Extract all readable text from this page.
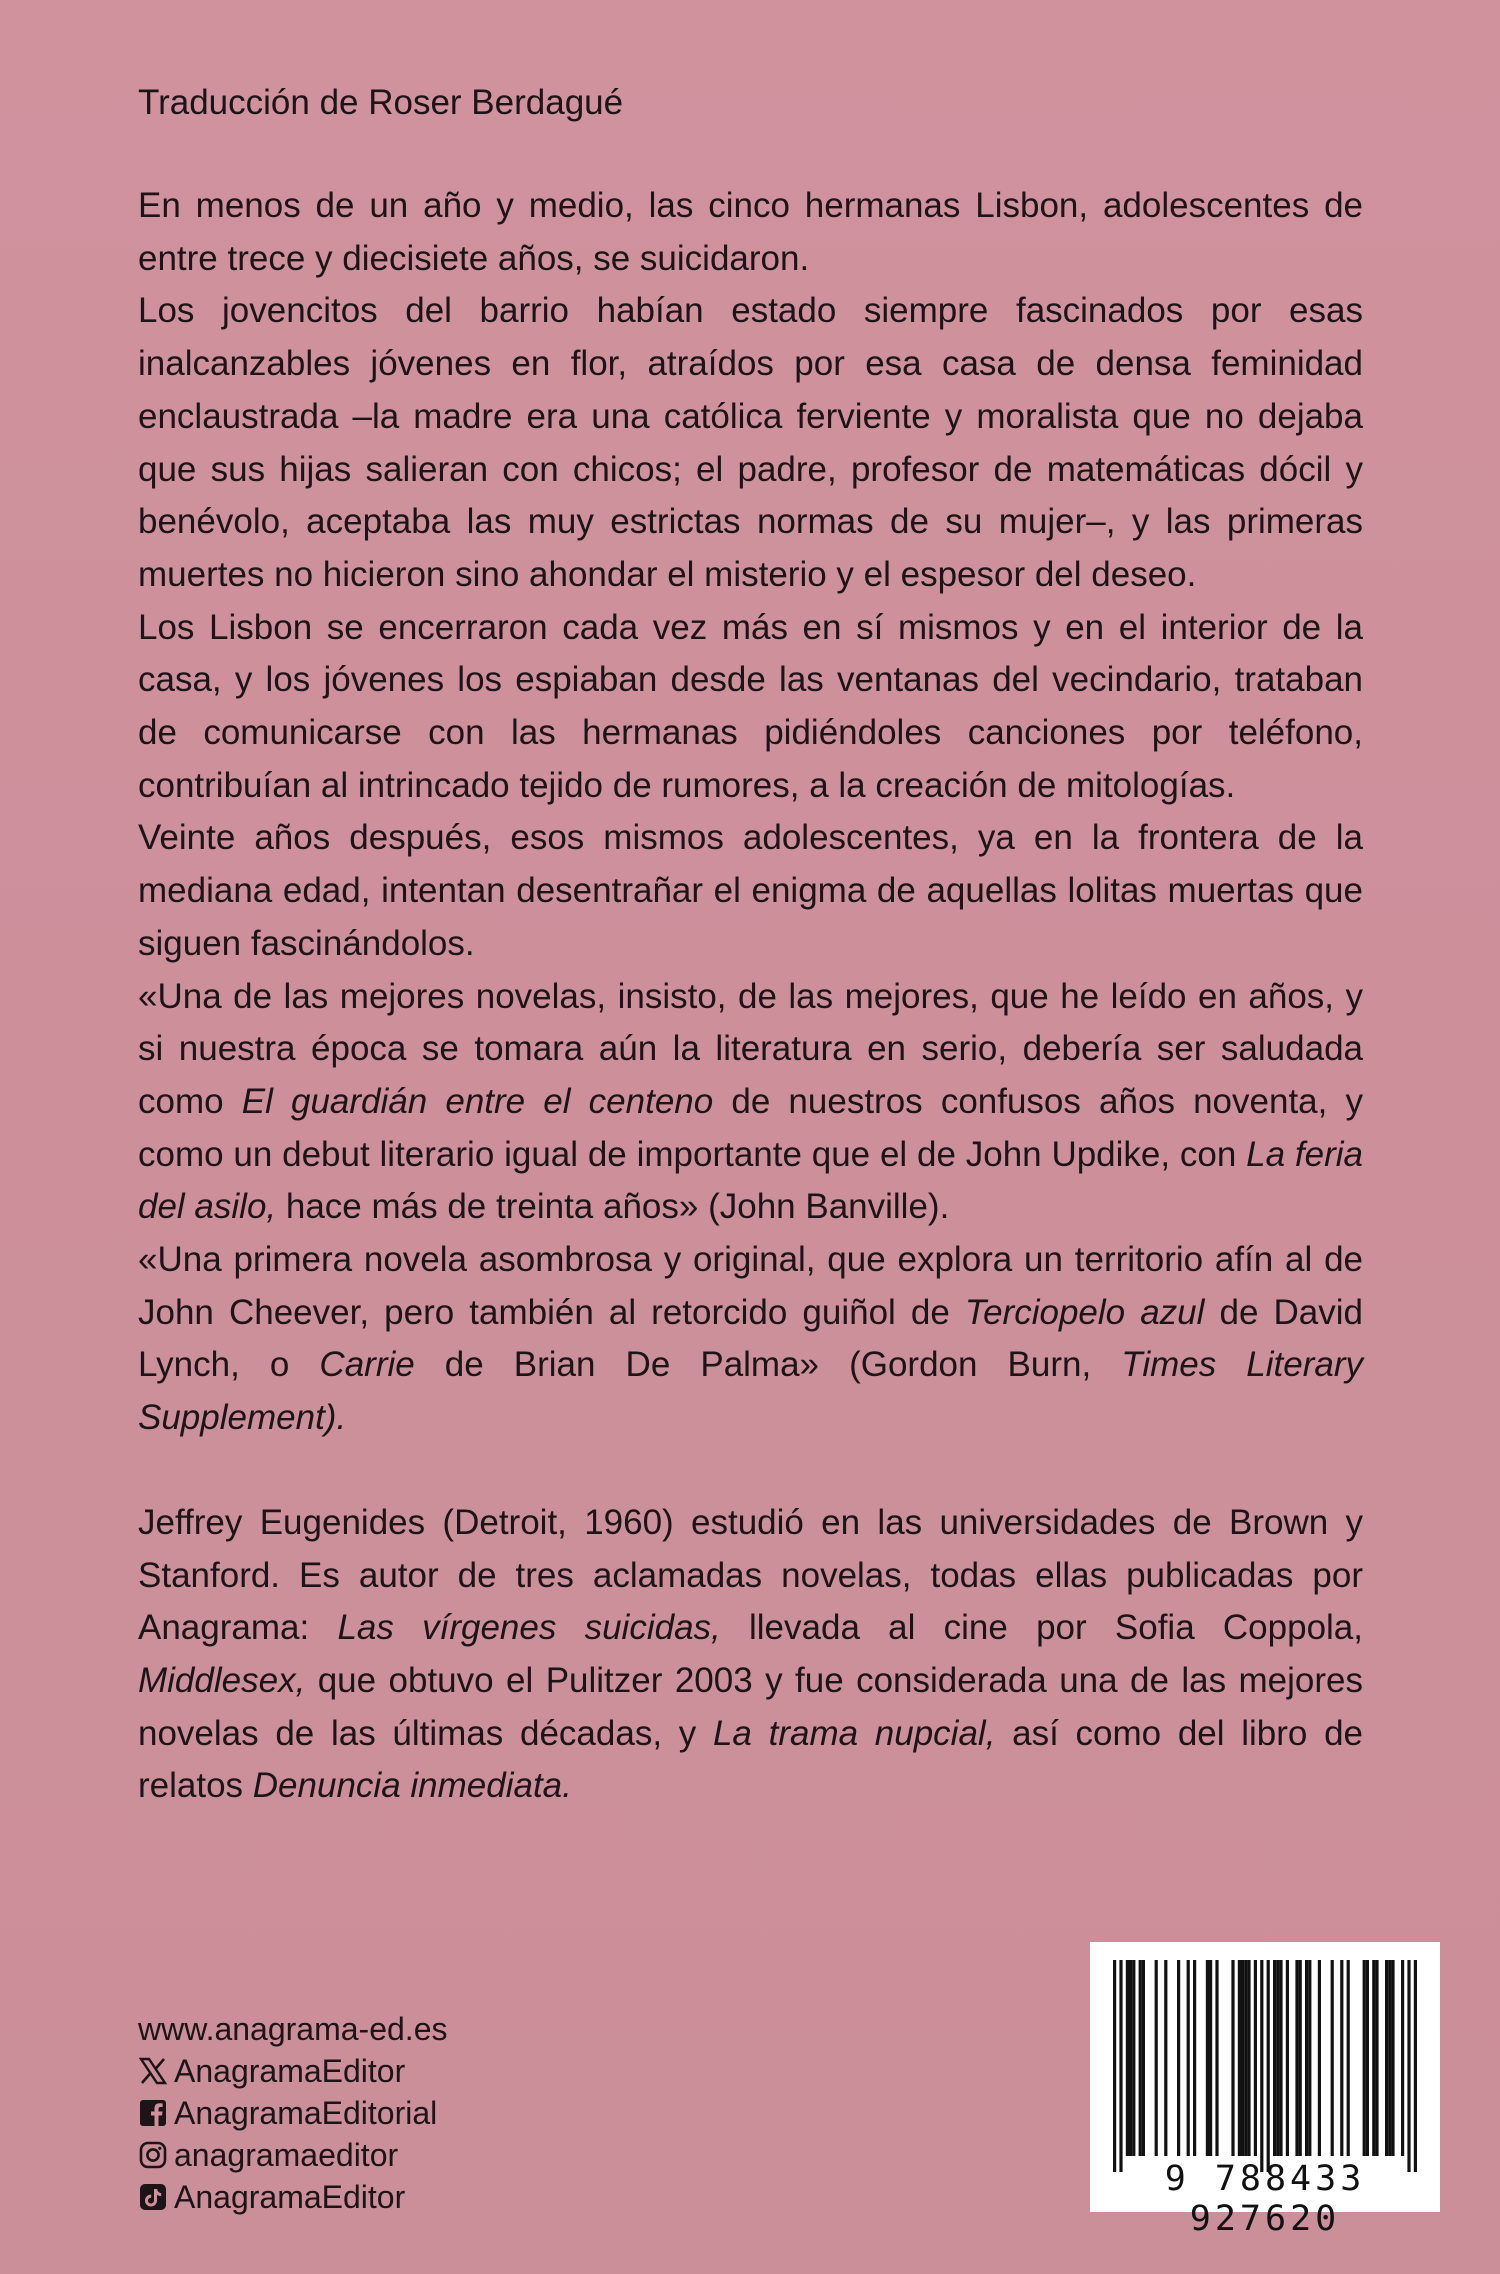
Traducción de Roser Berdagué

En menos de un año y medio, las cinco hermanas Lisbon, adolescentes de entre trece y diecisiete años, se suicidaron.

Los jovencitos del barrio habían estado siempre fascinados por esas inalcanzables jóvenes en flor, atraídos por esa casa de densa feminidad enclaustrada –la madre era una católica ferviente y moralista que no dejaba que sus hijas salieran con chicos; el padre, profesor de matemáticas dócil y benévolo, aceptaba las muy estrictas normas de su mujer–, y las primeras muertes no hicieron sino ahondar el misterio y el espesor del deseo.

Los Lisbon se encerraron cada vez más en sí mismos y en el interior de la casa, y los jóvenes los espiaban desde las ventanas del vecindario, trataban de comunicarse con las hermanas pidiéndoles canciones por teléfono, contribuían al intrincado tejido de rumores, a la creación de mitologías.

Veinte años después, esos mismos adolescentes, ya en la frontera de la mediana edad, intentan desentrañar el enigma de aquellas lolitas muertas que siguen fascinándolos.

«Una de las mejores novelas, insisto, de las mejores, que he leído en años, y si nuestra época se tomara aún la literatura en serio, debería ser saludada como El guardián entre el centeno de nuestros confusos años noventa, y como un debut literario igual de importante que el de John Updike, con La feria del asilo, hace más de treinta años» (John Banville).

«Una primera novela asombrosa y original, que explora un territorio afín al de John Cheever, pero también al retorcido guiñol de Terciopelo azul de David Lynch, o Carrie de Brian De Palma» (Gordon Burn, Times Literary Supplement).

Jeffrey Eugenides (Detroit, 1960) estudió en las universidades de Brown y Stanford. Es autor de tres aclamadas novelas, todas ellas publicadas por Anagrama: Las vírgenes suicidas, llevada al cine por Sofia Coppola, Middlesex, que obtuvo el Pulitzer 2003 y fue considerada una de las mejores novelas de las últimas décadas, y La trama nupcial, así como del libro de relatos Denuncia inmediata.

www.anagrama-ed.es
AnagramaEditor
AnagramaEditorial
anagramaeditor
AnagramaEditor	9 788433 927620
